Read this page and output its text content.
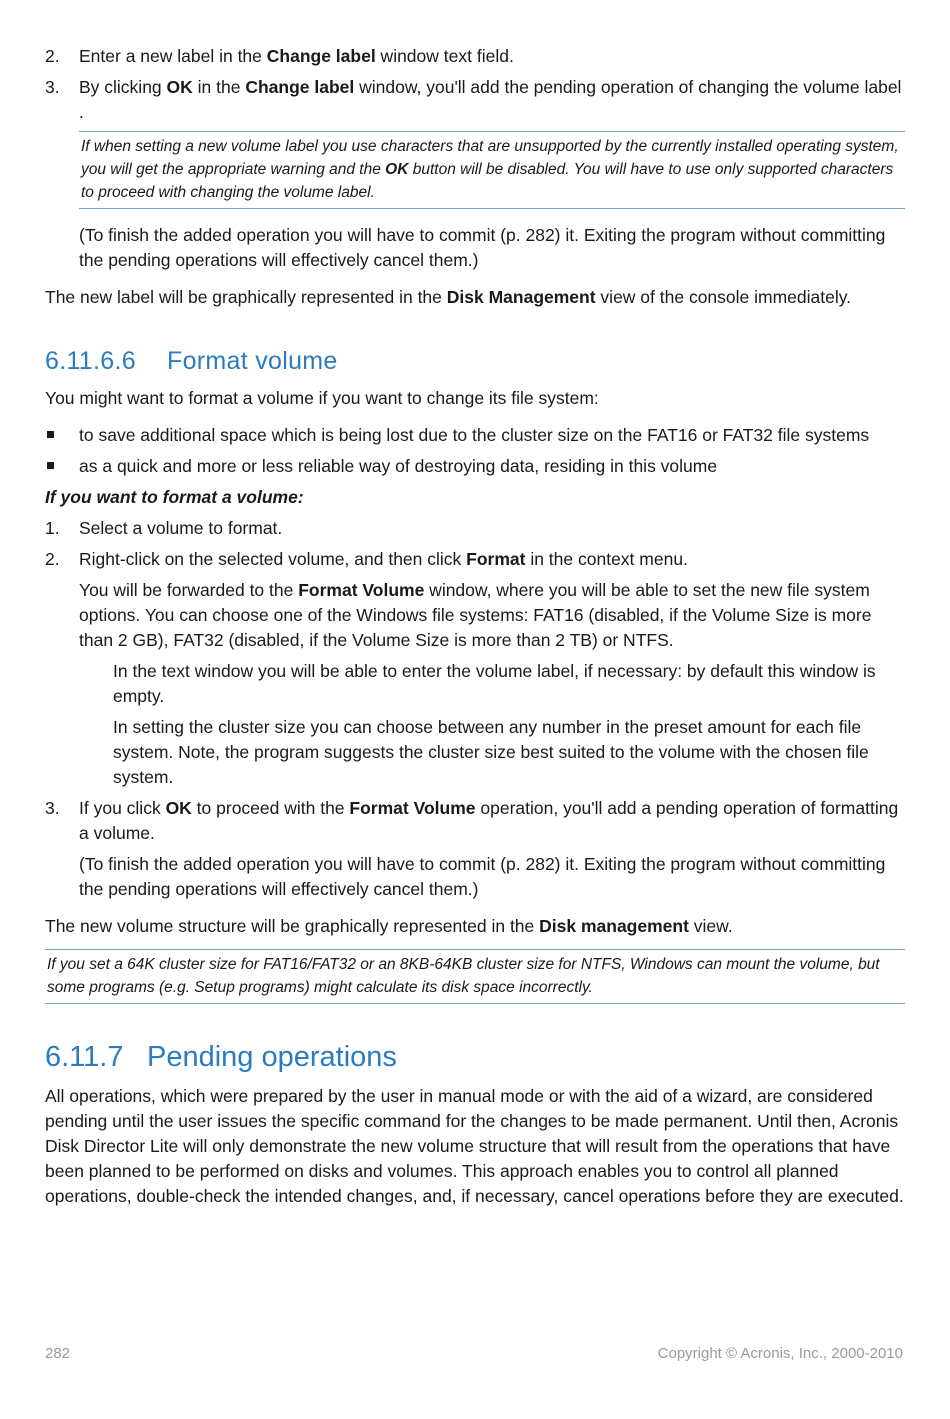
2.	Enter a new label in the Change label window text field.
3.	By clicking OK in the Change label window, you'll add the pending operation of changing the volume label .
If when setting a new volume label you use characters that are unsupported by the currently installed operating system, you will get the appropriate warning and the OK button will be disabled. You will have to use only supported characters to proceed with changing the volume label.

(To finish the added operation you will have to commit (p. 282) it. Exiting the program without committing the pending operations will effectively cancel them.)

The new label will be graphically represented in the Disk Management view of the console immediately.

6.11.6.6 Format volume

You might want to format a volume if you want to change its file system:

to save additional space which is being lost due to the cluster size on the FAT16 or FAT32 file systems
as a quick and more or less reliable way of destroying data, residing in this volume

If you want to format a volume:

1.	Select a volume to format.
2.	Right-click on the selected volume, and then click Format in the context menu.

You will be forwarded to the Format Volume window, where you will be able to set the new file system options. You can choose one of the Windows file systems: FAT16 (disabled, if the Volume Size is more than 2 GB), FAT32 (disabled, if the Volume Size is more than 2 TB) or NTFS.

In the text window you will be able to enter the volume label, if necessary: by default this window is empty.

In setting the cluster size you can choose between any number in the preset amount for each file system. Note, the program suggests the cluster size best suited to the volume with the chosen file system.

3.	If you click OK to proceed with the Format Volume operation, you'll add a pending operation of formatting a volume.

(To finish the added operation you will have to commit (p. 282) it. Exiting the program without committing the pending operations will effectively cancel them.)

The new volume structure will be graphically represented in the Disk management view.

If you set a 64K cluster size for FAT16/FAT32 or an 8KB-64KB cluster size for NTFS, Windows can mount the volume, but some programs (e.g. Setup programs) might calculate its disk space incorrectly.
6.11.7 Pending operations

All operations, which were prepared by the user in manual mode or with the aid of a wizard, are considered pending until the user issues the specific command for the changes to be made permanent. Until then, Acronis Disk Director Lite will only demonstrate the new volume structure that will result from the operations that have been planned to be performed on disks and volumes. This approach enables you to control all planned operations, double-check the intended changes, and, if necessary, cancel operations before they are executed.

282	Copyright © Acronis, Inc., 2000-2010
